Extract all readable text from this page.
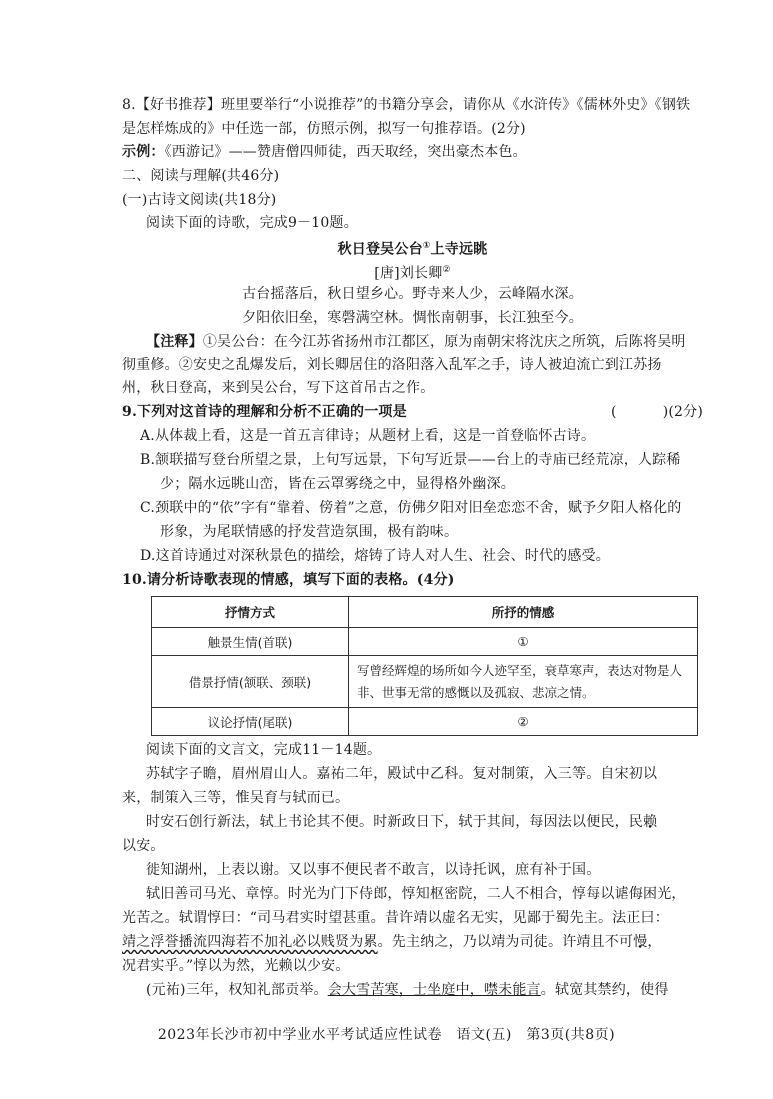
8.【好书推荐】班里要举行“小说推荐”的书籍分享会，请你从《水浒传》《儒林外史》《钢铁
是怎样炼成的》中任选一部，仿照示例，拟写一句推荐语。(2分)
示例：《西游记》——赞唐僧四师徒，西天取经，突出豪杰本色。
二、阅读与理解(共46分)
(一)古诗文阅读(共18分)
阅读下面的诗歌，完成9－10题。
秋日登吴公台①上寺远眺
[唐]刘长卿②
古台摇落后，秋日望乡心。野寺来人少，云峰隔水深。
夕阳依旧垒，寒磬满空林。惆怅南朝事，长江独至今。
【注释】①吴公台：在今江苏省扬州市江都区，原为南朝宋将沈庆之所筑，后陈将吴明
彻重修。②安史之乱爆发后，刘长卿居住的洛阳落入乱军之手，诗人被迫流亡到江苏扬
州，秋日登高，来到吴公台，写下这首吊古之作。
9.下列对这首诗的理解和分析不正确的一项是	(	)(2分)
A.从体裁上看，这是一首五言律诗；从题材上看，这是一首登临怀古诗。
B.颔联描写登台所望之景，上句写远景，下句写近景——台上的寺庙已经荒凉，人踪稀
少；隔水远眺山峦，皆在云罩雾绕之中，显得格外幽深。
C.颈联中的“依”字有“靠着、傍着”之意，仿佛夕阳对旧垒恋恋不舍，赋予夕阳人格化的
形象，为尾联情感的抒发营造氛围，极有韵味。
D.这首诗通过对深秋景色的描绘，熔铸了诗人对人生、社会、时代的感受。
10.请分析诗歌表现的情感，填写下面的表格。(4分)
抒情方式	所抒的情感
触景生情(首联)	①
借景抒情(颔联、颈联)	写曾经辉煌的场所如今人迹罕至，衰草寒声，表达对物是人非、世事无常的感慨以及孤寂、悲凉之情。
议论抒情(尾联)	②
阅读下面的文言文，完成11－14题。
苏轼字子瞻，眉州眉山人。嘉祐二年，殿试中乙科。复对制策，入三等。自宋初以
来，制策入三等，惟吴育与轼而已。
时安石创行新法，轼上书论其不便。时新政日下，轼于其间，每因法以便民，民赖
以安。
徙知湖州，上表以谢。又以事不便民者不敢言，以诗托讽，庶有补于国。
轼旧善司马光、章惇。时光为门下侍郎，惇知枢密院，二人不相合，惇每以谑侮困光，
光苦之。轼谓惇曰：“司马君实时望甚重。昔许靖以虚名无实，见鄙于蜀先主。法正曰：
靖之浮誉播流四海若不加礼必以贱贤为累。先主纳之，乃以靖为司徒。许靖且不可慢，
况君实乎。”惇以为然，光赖以少安。
(元祐)三年，权知礼部贡举。会大雪苦寒，士坐庭中，噤未能言。轼宽其禁约，使得
2023年长沙市初中学业水平考试适应性试卷　语文(五)　第3页(共8页)
